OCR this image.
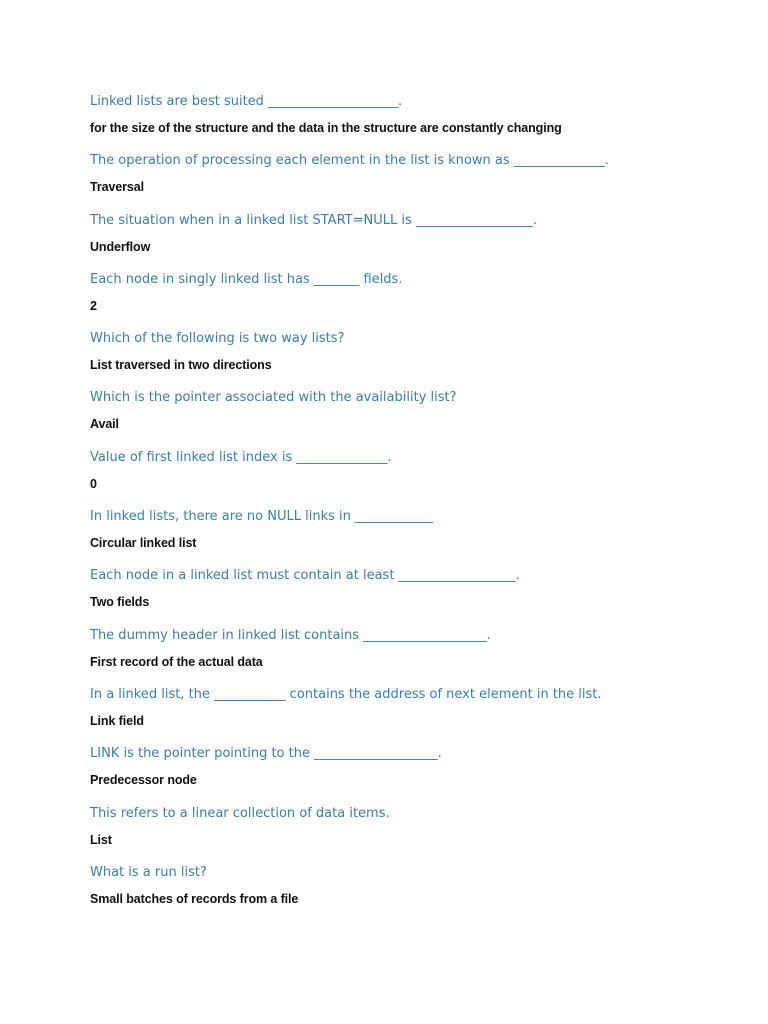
Linked lists are best suited ____________________.
for the size of the structure and the data in the structure are constantly changing
The operation of processing each element in the list is known as ______________.
Traversal
The situation when in a linked list START=NULL is __________________.
Underflow
Each node in singly linked list has _______ fields.
2
Which of the following is two way lists?
List traversed in two directions
Which is the pointer associated with the availability list?
Avail
Value of first linked list index is ______________.
0
In linked lists, there are no NULL links in ____________
Circular linked list
Each node in a linked list must contain at least __________________.
Two fields
The dummy header in linked list contains ___________________.
First record of the actual data
In a linked list, the ___________ contains the address of next element in the list.
Link field
LINK is the pointer pointing to the ___________________.
Predecessor node
This refers to a linear collection of data items.
List
What is a run list?
Small batches of records from a file
